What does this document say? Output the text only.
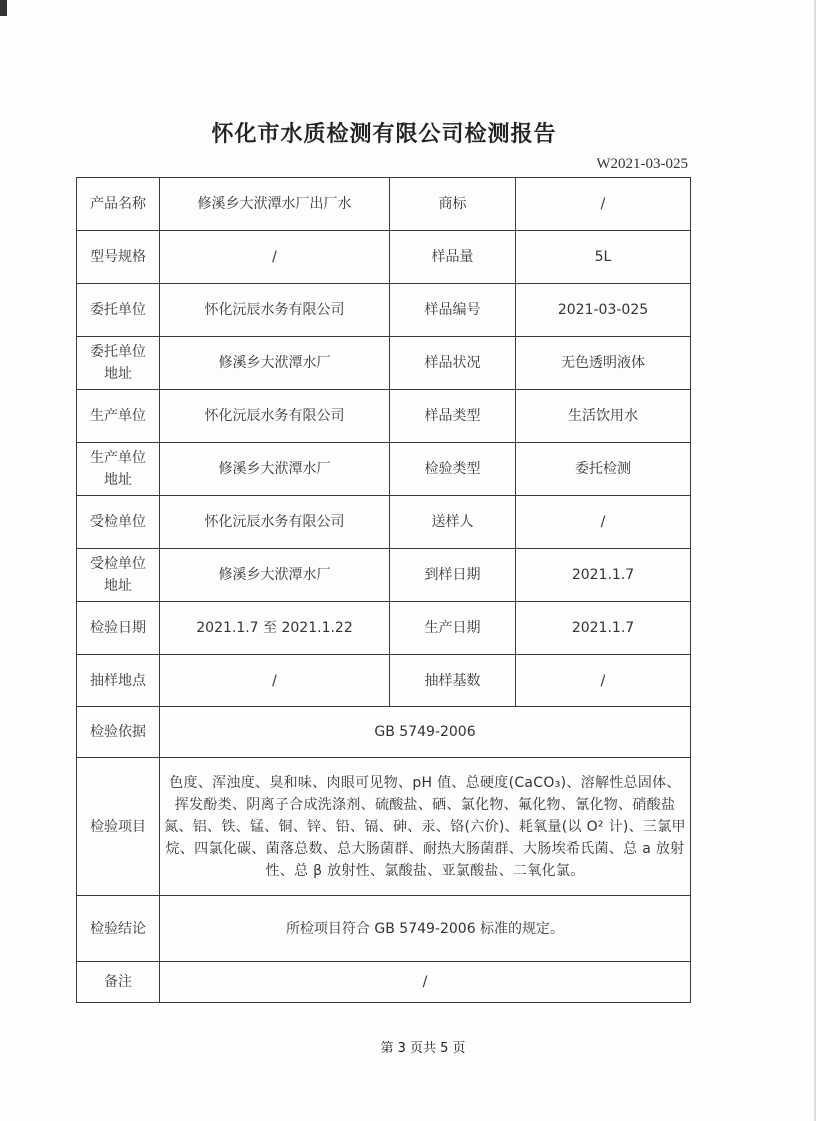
怀化市水质检测有限公司检测报告
W2021-03-025
产品名称	修溪乡大洑潭水厂出厂水	商标	/
型号规格	/	样品量	5L
委托单位	怀化沅辰水务有限公司	样品编号	2021-03-025
委托单位
地址	修溪乡大洑潭水厂	样品状况	无色透明液体
生产单位	怀化沅辰水务有限公司	样品类型	生活饮用水
生产单位
地址	修溪乡大洑潭水厂	检验类型	委托检测
受检单位	怀化沅辰水务有限公司	送样人	/
受检单位
地址	修溪乡大洑潭水厂	到样日期	2021.1.7
检验日期	2021.1.7 至 2021.1.22	生产日期	2021.1.7
抽样地点	/	抽样基数	/
检验依据	GB 5749-2006		
检验项目	色度、浑浊度、臭和味、肉眼可见物、pH 值、总硬度(CaCO₃)、溶解性总固体、挥发酚类、阴离子合成洗涤剂、硫酸盐、硒、氯化物、氟化物、氰化物、硝酸盐氮、铝、铁、锰、铜、锌、铅、镉、砷、汞、铬(六价)、耗氧量(以 O² 计)、三氯甲烷、四氯化碳、菌落总数、总大肠菌群、耐热大肠菌群、大肠埃希氏菌、总 a 放射性、总 β 放射性、氯酸盐、亚氯酸盐、二氧化氯。		
检验结论	所检项目符合 GB 5749-2006 标准的规定。		
备注	/		
第 3 页共 5 页
